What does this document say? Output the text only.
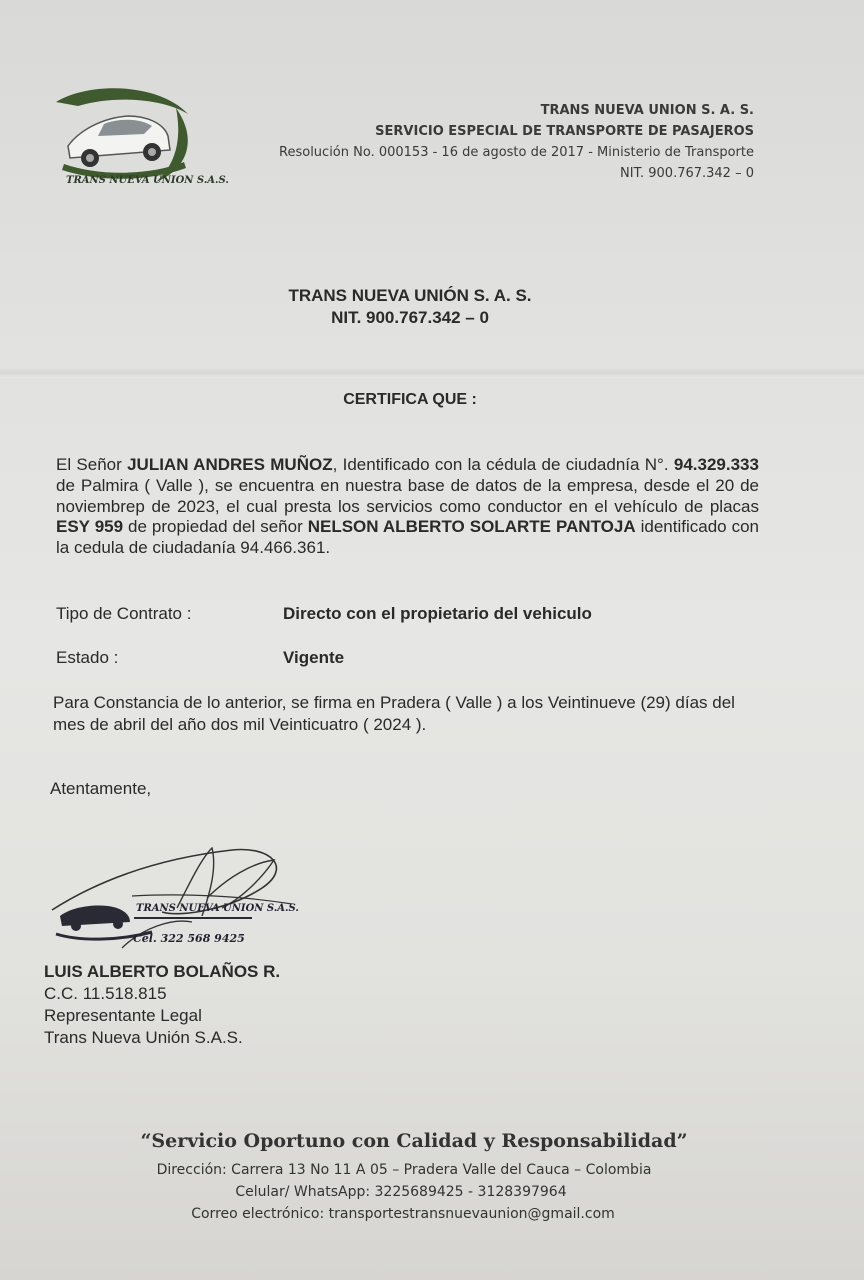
TRANS NUEVA UNION S.A.S.
TRANS NUEVA UNION S. A. S.
SERVICIO ESPECIAL DE TRANSPORTE DE PASAJEROS
Resolución No. 000153 - 16 de agosto de 2017 - Ministerio de Transporte
NIT. 900.767.342 – 0
TRANS NUEVA UNIÓN S. A. S.
NIT. 900.767.342 – 0
CERTIFICA QUE :
El Señor JULIAN ANDRES MUÑOZ, Identificado con la cédula de ciudadnía N°. 94.329.333 de Palmira ( Valle ), se encuentra en nuestra base de datos de la empresa, desde el 20 de noviembrep de 2023, el cual presta los servicios como conductor en el vehículo de placas ESY 959 de propiedad del señor NELSON ALBERTO SOLARTE PANTOJA identificado con la cedula de ciudadanía 94.466.361.
Tipo de Contrato :	Directo con el propietario del vehiculo
Estado :	Vigente
Para Constancia de lo anterior, se firma en Pradera ( Valle ) a los Veintinueve (29) días del mes de abril del año dos mil Veinticuatro ( 2024 ).
Atentamente,
TRANS NUEVA UNION S.A.S.
Cel. 322 568 9425
LUIS ALBERTO BOLAÑOS R.
C.C. 11.518.815
Representante Legal
Trans Nueva Unión S.A.S.
“Servicio Oportuno con Calidad y Responsabilidad”
Dirección: Carrera 13 No 11 A 05 – Pradera Valle del Cauca – Colombia
Celular/ WhatsApp: 3225689425 - 3128397964
Correo electrónico: transportestransnuevaunion@gmail.com
